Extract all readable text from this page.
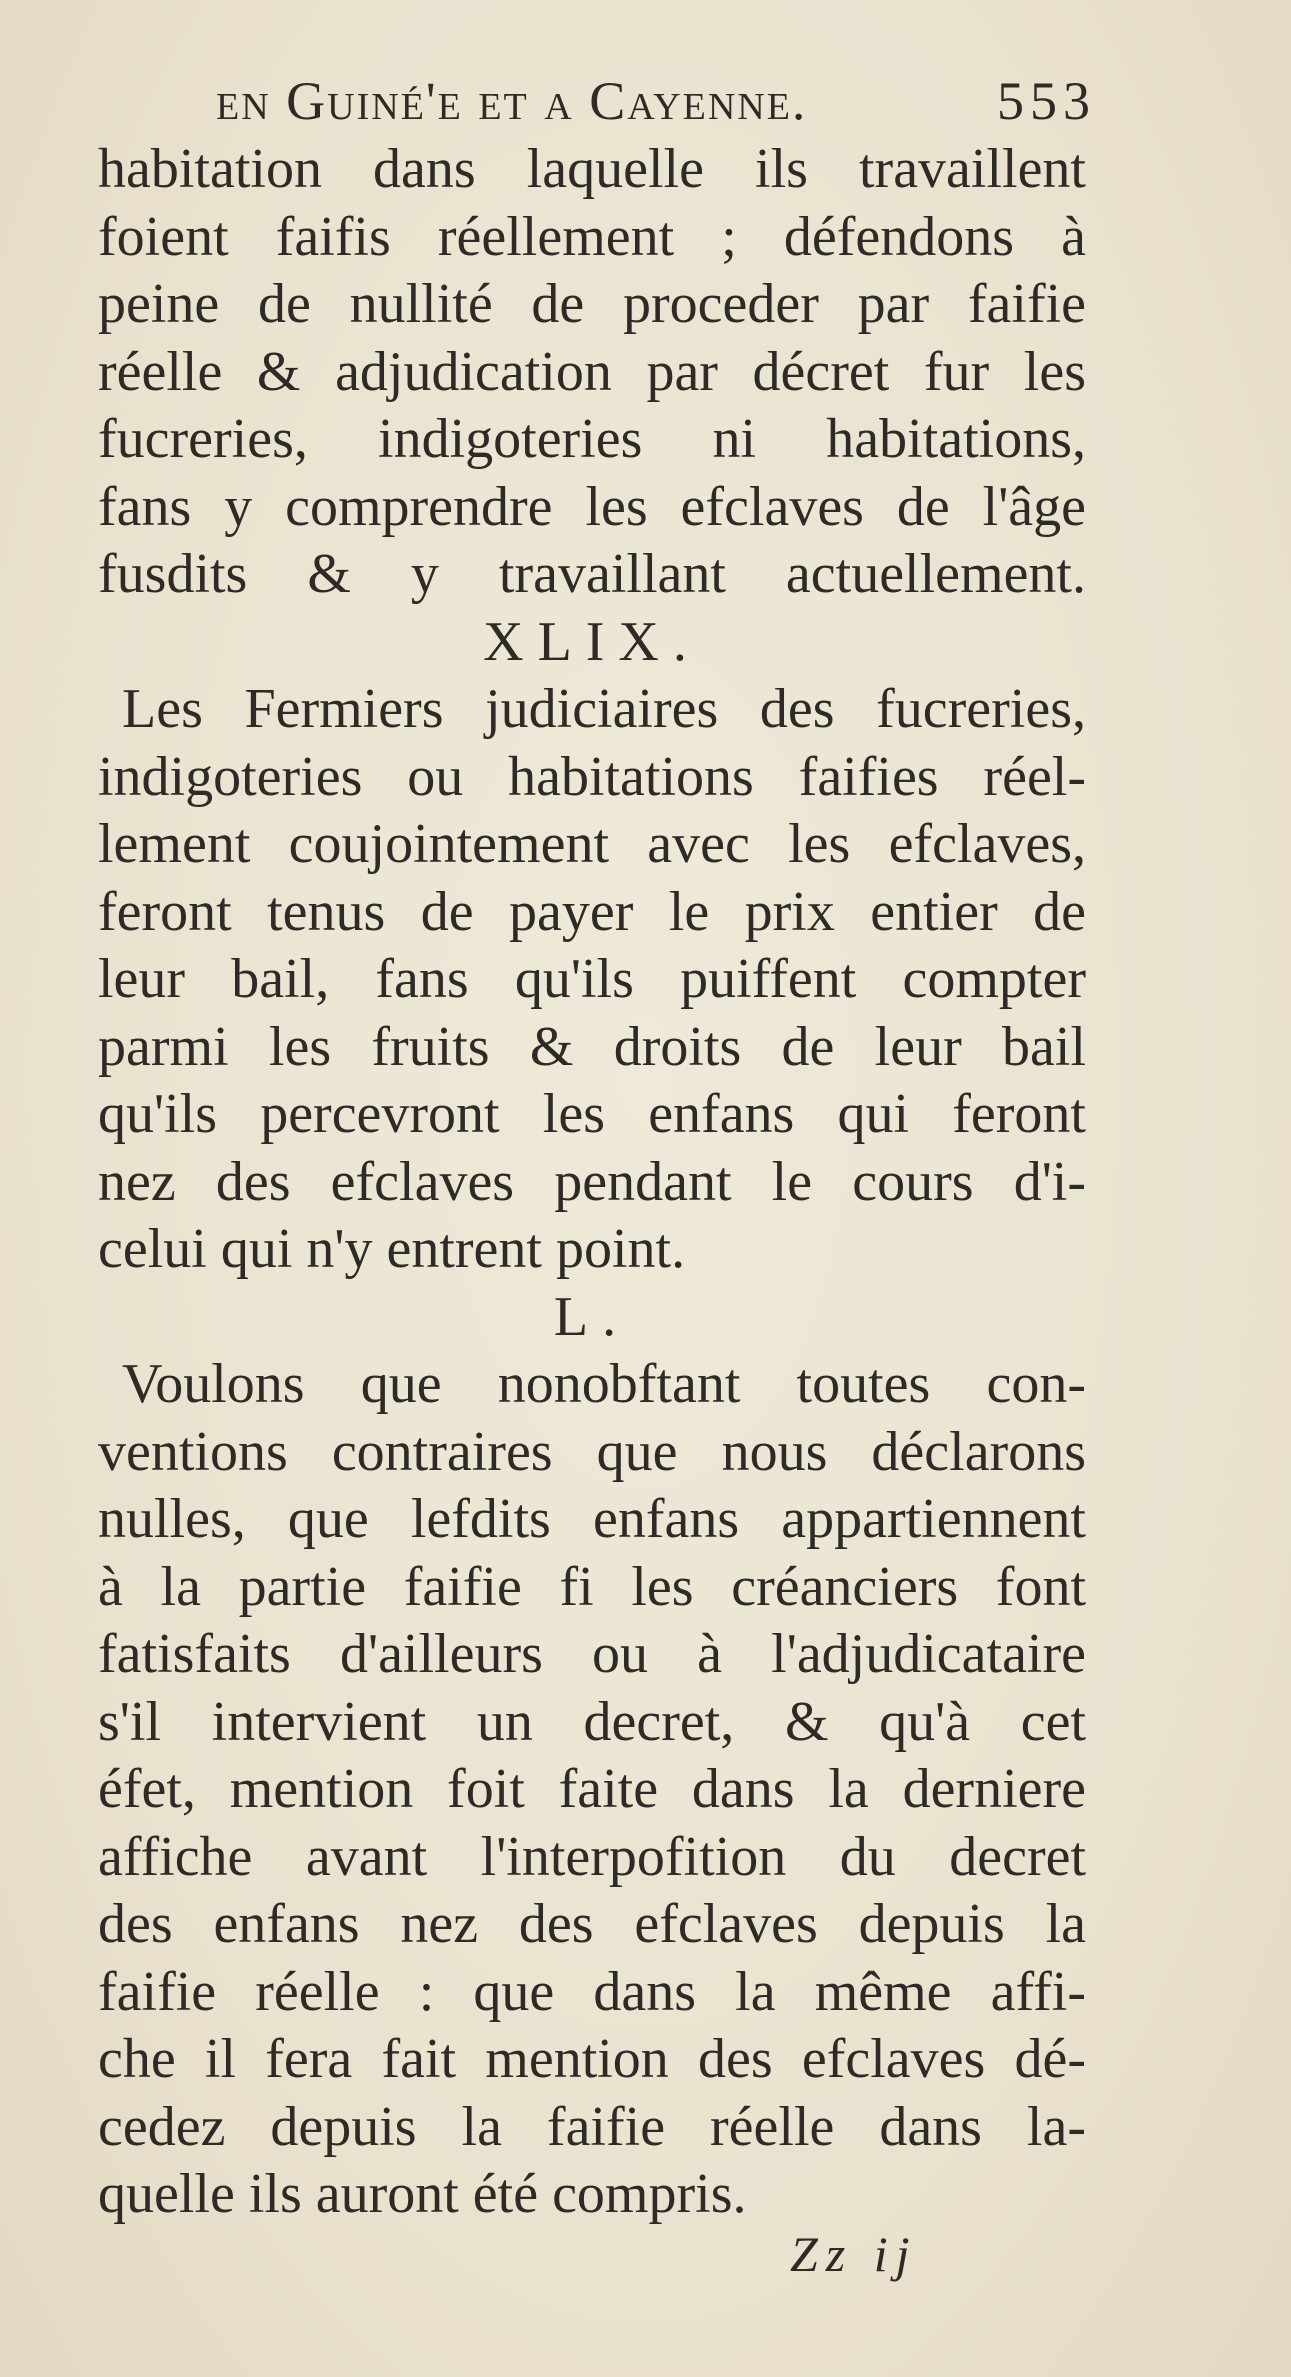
en Guiné'e et a Cayenne.	553
habitation dans laquelle ils travaillent
foient faifis réellement ; défendons à
peine de nullité de proceder par faifie
réelle & adjudication par décret fur les
fucreries, indigoteries ni habitations,
fans y comprendre les efclaves de l'âge
fusdits & y travaillant actuellement.
XLIX.
Les Fermiers judiciaires des fucreries,
indigoteries ou habitations faifies réel-
lement coujointement avec les efclaves,
feront tenus de payer le prix entier de
leur bail, fans qu'ils puiffent compter
parmi les fruits & droits de leur bail
qu'ils percevront les enfans qui feront
nez des efclaves pendant le cours d'i-
celui qui n'y entrent point.
L.
Voulons que nonobftant toutes con-
ventions contraires que nous déclarons
nulles, que lefdits enfans appartiennent
à la partie faifie fi les créanciers font
fatisfaits d'ailleurs ou à l'adjudicataire
s'il intervient un decret, & qu'à cet
éfet, mention foit faite dans la derniere
affiche avant l'interpofition du decret
des enfans nez des efclaves depuis la
faifie réelle : que dans la même affi-
che il fera fait mention des efclaves dé-
cedez depuis la faifie réelle dans la-
quelle ils auront été compris.
Zz ij
